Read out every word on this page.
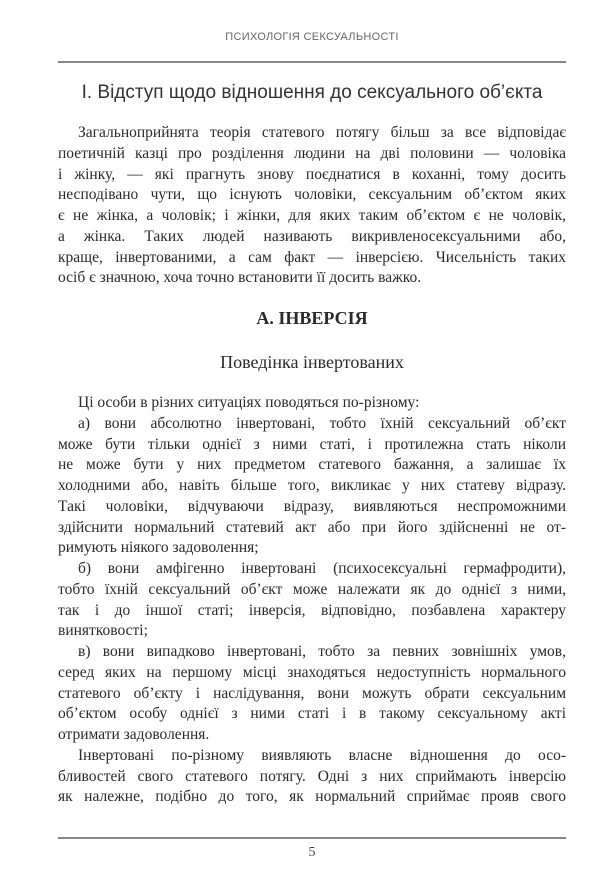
ПСИХОЛОГІЯ СЕКСУАЛЬНОСТІ
І. Відступ щодо відношення до сексуального об’єкта
Загальноприйнята теорія статевого потягу більш за все відповідає
поетичній казці про розділення людини на дві половини — чоловіка
і жінку, — які прагнуть знову поєднатися в коханні, тому досить
несподівано чути, що існують чоловіки, сексуальним об’єктом яких
є не жінка, а чоловік; і жінки, для яких таким об’єктом є не чоловік,
а жінка. Таких людей називають викривленосексуальними або,
краще, інвертованими, а сам факт — інверсією. Чисельність таких
осіб є значною, хоча точно встановити її досить важко.
А. ІНВЕРСІЯ
Поведінка інвертованих
Ці особи в різних ситуаціях поводяться по-різному:
а) вони абсолютно інвертовані, тобто їхній сексуальний об’єкт
може бути тільки однієї з ними статі, і протилежна стать ніколи
не може бути у них предметом статевого бажання, а залишає їх
холодними або, навіть більше того, викликає у них статеву відразу.
Такі чоловіки, відчуваючи відразу, виявляються неспроможними
здійснити нормальний статевий акт або при його здійсненні не от-
римують ніякого задоволення;
б) вони амфігенно інвертовані (психосексуальні гермафродити),
тобто їхній сексуальний об’єкт може належати як до однієї з ними,
так і до іншої статі; інверсія, відповідно, позбавлена характеру
винятковості;
в) вони випадково інвертовані, тобто за певних зовнішніх умов,
серед яких на першому місці знаходяться недоступність нормального
статевого об’єкту і наслідування, вони можуть обрати сексуальним
об’єктом особу однієї з ними статі і в такому сексуальному акті
отримати задоволення.
Інвертовані по-різному виявляють власне відношення до осо-
бливостей свого статевого потягу. Одні з них сприймають інверсію
як належне, подібно до того, як нормальний сприймає прояв свого
5
